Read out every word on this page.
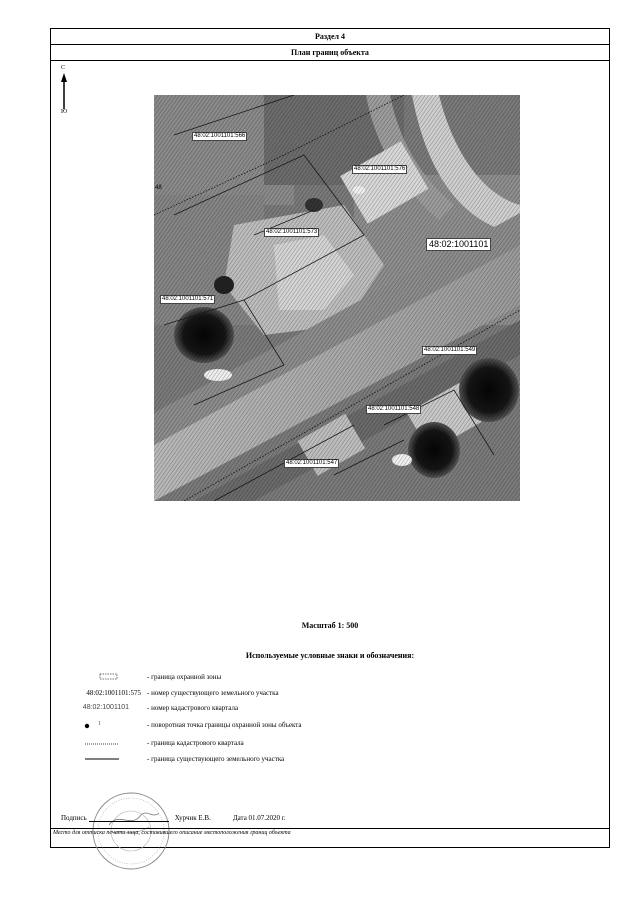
Раздел 4
План границ объекта
С
Ю
48:02:1001101:566
48:02:1001101:576
48:02:1001101:573
48:02:1001101
48:02:1001101:571
48:02:1001101:549
48:02:1001101:548
48:02:1001101:547
48
Масштаб 1: 500
Используемые условные знаки и обозначения:
- граница охранной зоны
48:02:1001101:575 - номер существующего земельного участка
48:02:1001101	- номер кадастрового квартала
1	- поворотная точка границы охранной зоны объекта
- граница кадастрового квартала
- граница существующего земельного участка
Подпись	Хурчик Е.В.	Дата 01.07.2020 г.
Место для оттиска печати лица, составившего описание местоположения границ объекта
